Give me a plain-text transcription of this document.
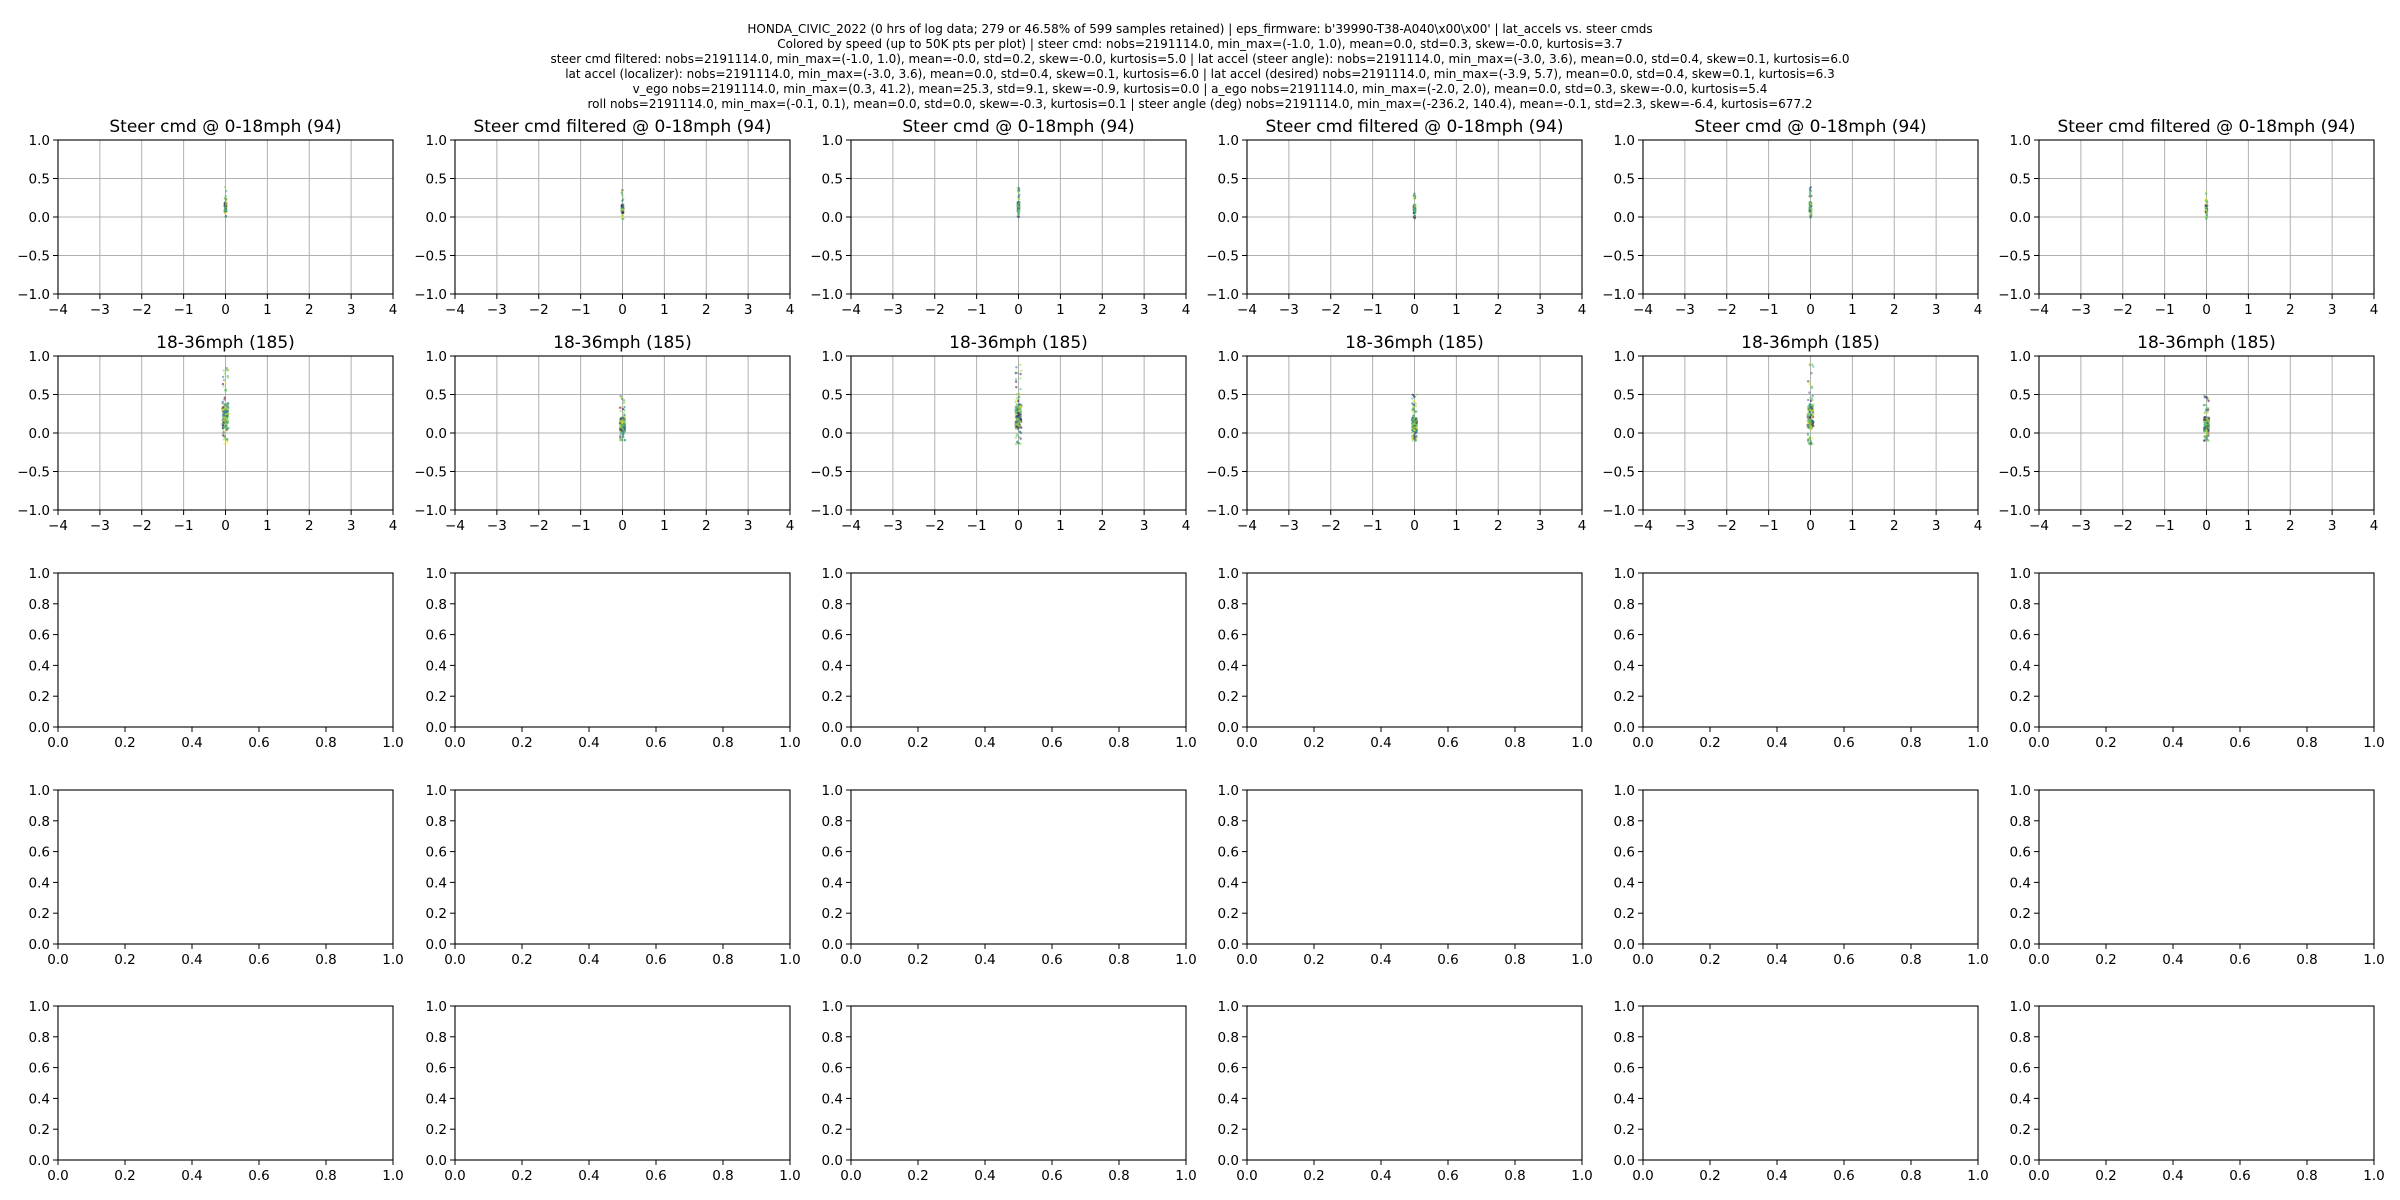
HONDA_CIVIC_2022 (0 hrs of log data; 279 or 46.58% of 599 samples retained) | eps_firmware: b'39990-T38-A040\x00\x00' | lat_accels vs. steer cmds
Colored by speed (up to 50K pts per plot) | steer cmd: nobs=2191114.0, min_max=(-1.0, 1.0), mean=0.0, std=0.3, skew=-0.0, kurtosis=3.7
steer cmd filtered: nobs=2191114.0, min_max=(-1.0, 1.0), mean=-0.0, std=0.2, skew=-0.0, kurtosis=5.0 | lat accel (steer angle): nobs=2191114.0, min_max=(-3.0, 3.6), mean=0.0, std=0.4, skew=0.1, kurtosis=6.0
lat accel (localizer): nobs=2191114.0, min_max=(-3.0, 3.6), mean=0.0, std=0.4, skew=0.1, kurtosis=6.0 | lat accel (desired) nobs=2191114.0, min_max=(-3.9, 5.7), mean=0.0, std=0.4, skew=0.1, kurtosis=6.3
v_ego nobs=2191114.0, min_max=(0.3, 41.2), mean=25.3, std=9.1, skew=-0.9, kurtosis=0.0 | a_ego nobs=2191114.0, min_max=(-2.0, 2.0), mean=0.0, std=0.3, skew=-0.0, kurtosis=5.4
roll nobs=2191114.0, min_max=(-0.1, 0.1), mean=0.0, std=0.0, skew=-0.3, kurtosis=0.1 | steer angle (deg) nobs=2191114.0, min_max=(-236.2, 140.4), mean=-0.1, std=2.3, skew=-6.4, kurtosis=677.2
−4 −3 −2 −1 0 1 2 3 4
1.0
0.5
0.0
−0.5
−1.0
Steer cmd @ 0-18mph (94)
−4 −3 −2 −1 0 1 2 3 4
1.0
0.5
0.0
−0.5
−1.0
Steer cmd filtered @ 0-18mph (94)
−4 −3 −2 −1 0 1 2 3 4
1.0
0.5
0.0
−0.5
−1.0
Steer cmd @ 0-18mph (94)
−4 −3 −2 −1 0 1 2 3 4
1.0
0.5
0.0
−0.5
−1.0
Steer cmd filtered @ 0-18mph (94)
−4 −3 −2 −1 0 1 2 3 4
1.0
0.5
0.0
−0.5
−1.0
Steer cmd @ 0-18mph (94)
−4 −3 −2 −1 0 1 2 3 4
1.0
0.5
0.0
−0.5
−1.0
Steer cmd filtered @ 0-18mph (94)
−4 −3 −2 −1 0 1 2 3 4
1.0
0.5
0.0
−0.5
−1.0
18-36mph (185)
−4 −3 −2 −1 0 1 2 3 4
1.0
0.5
0.0
−0.5
−1.0
18-36mph (185)
−4 −3 −2 −1 0 1 2 3 4
1.0
0.5
0.0
−0.5
−1.0
18-36mph (185)
−4 −3 −2 −1 0 1 2 3 4
1.0
0.5
0.0
−0.5
−1.0
18-36mph (185)
−4 −3 −2 −1 0 1 2 3 4
1.0
0.5
0.0
−0.5
−1.0
18-36mph (185)
−4 −3 −2 −1 0 1 2 3 4
1.0
0.5
0.0
−0.5
−1.0
18-36mph (185)
0.0	0.2	0.4	0.6	0.8	1.0
1.0
0.8
0.6
0.4
0.2
0.0
0.0	0.2	0.4	0.6	0.8	1.0
1.0
0.8
0.6
0.4
0.2
0.0
0.0	0.2	0.4	0.6	0.8	1.0
1.0
0.8
0.6
0.4
0.2
0.0
0.0	0.2	0.4	0.6	0.8	1.0
1.0
0.8
0.6
0.4
0.2
0.0
0.0	0.2	0.4	0.6	0.8	1.0
1.0
0.8
0.6
0.4
0.2
0.0
0.0	0.2	0.4	0.6	0.8	1.0
1.0
0.8
0.6
0.4
0.2
0.0
0.0	0.2	0.4	0.6	0.8	1.0
1.0
0.8
0.6
0.4
0.2
0.0
0.0	0.2	0.4	0.6	0.8	1.0
1.0
0.8
0.6
0.4
0.2
0.0
0.0	0.2	0.4	0.6	0.8	1.0
1.0
0.8
0.6
0.4
0.2
0.0
0.0	0.2	0.4	0.6	0.8	1.0
1.0
0.8
0.6
0.4
0.2
0.0
0.0	0.2	0.4	0.6	0.8	1.0
1.0
0.8
0.6
0.4
0.2
0.0
0.0	0.2	0.4	0.6	0.8	1.0
1.0
0.8
0.6
0.4
0.2
0.0
0.0	0.2	0.4	0.6	0.8	1.0
1.0
0.8
0.6
0.4
0.2
0.0
0.0	0.2	0.4	0.6	0.8	1.0
1.0
0.8
0.6
0.4
0.2
0.0
0.0	0.2	0.4	0.6	0.8	1.0
1.0
0.8
0.6
0.4
0.2
0.0
0.0	0.2	0.4	0.6	0.8	1.0
1.0
0.8
0.6
0.4
0.2
0.0
0.0	0.2	0.4	0.6	0.8	1.0
1.0
0.8
0.6
0.4
0.2
0.0
0.0	0.2	0.4	0.6	0.8	1.0
1.0
0.8
0.6
0.4
0.2
0.0
